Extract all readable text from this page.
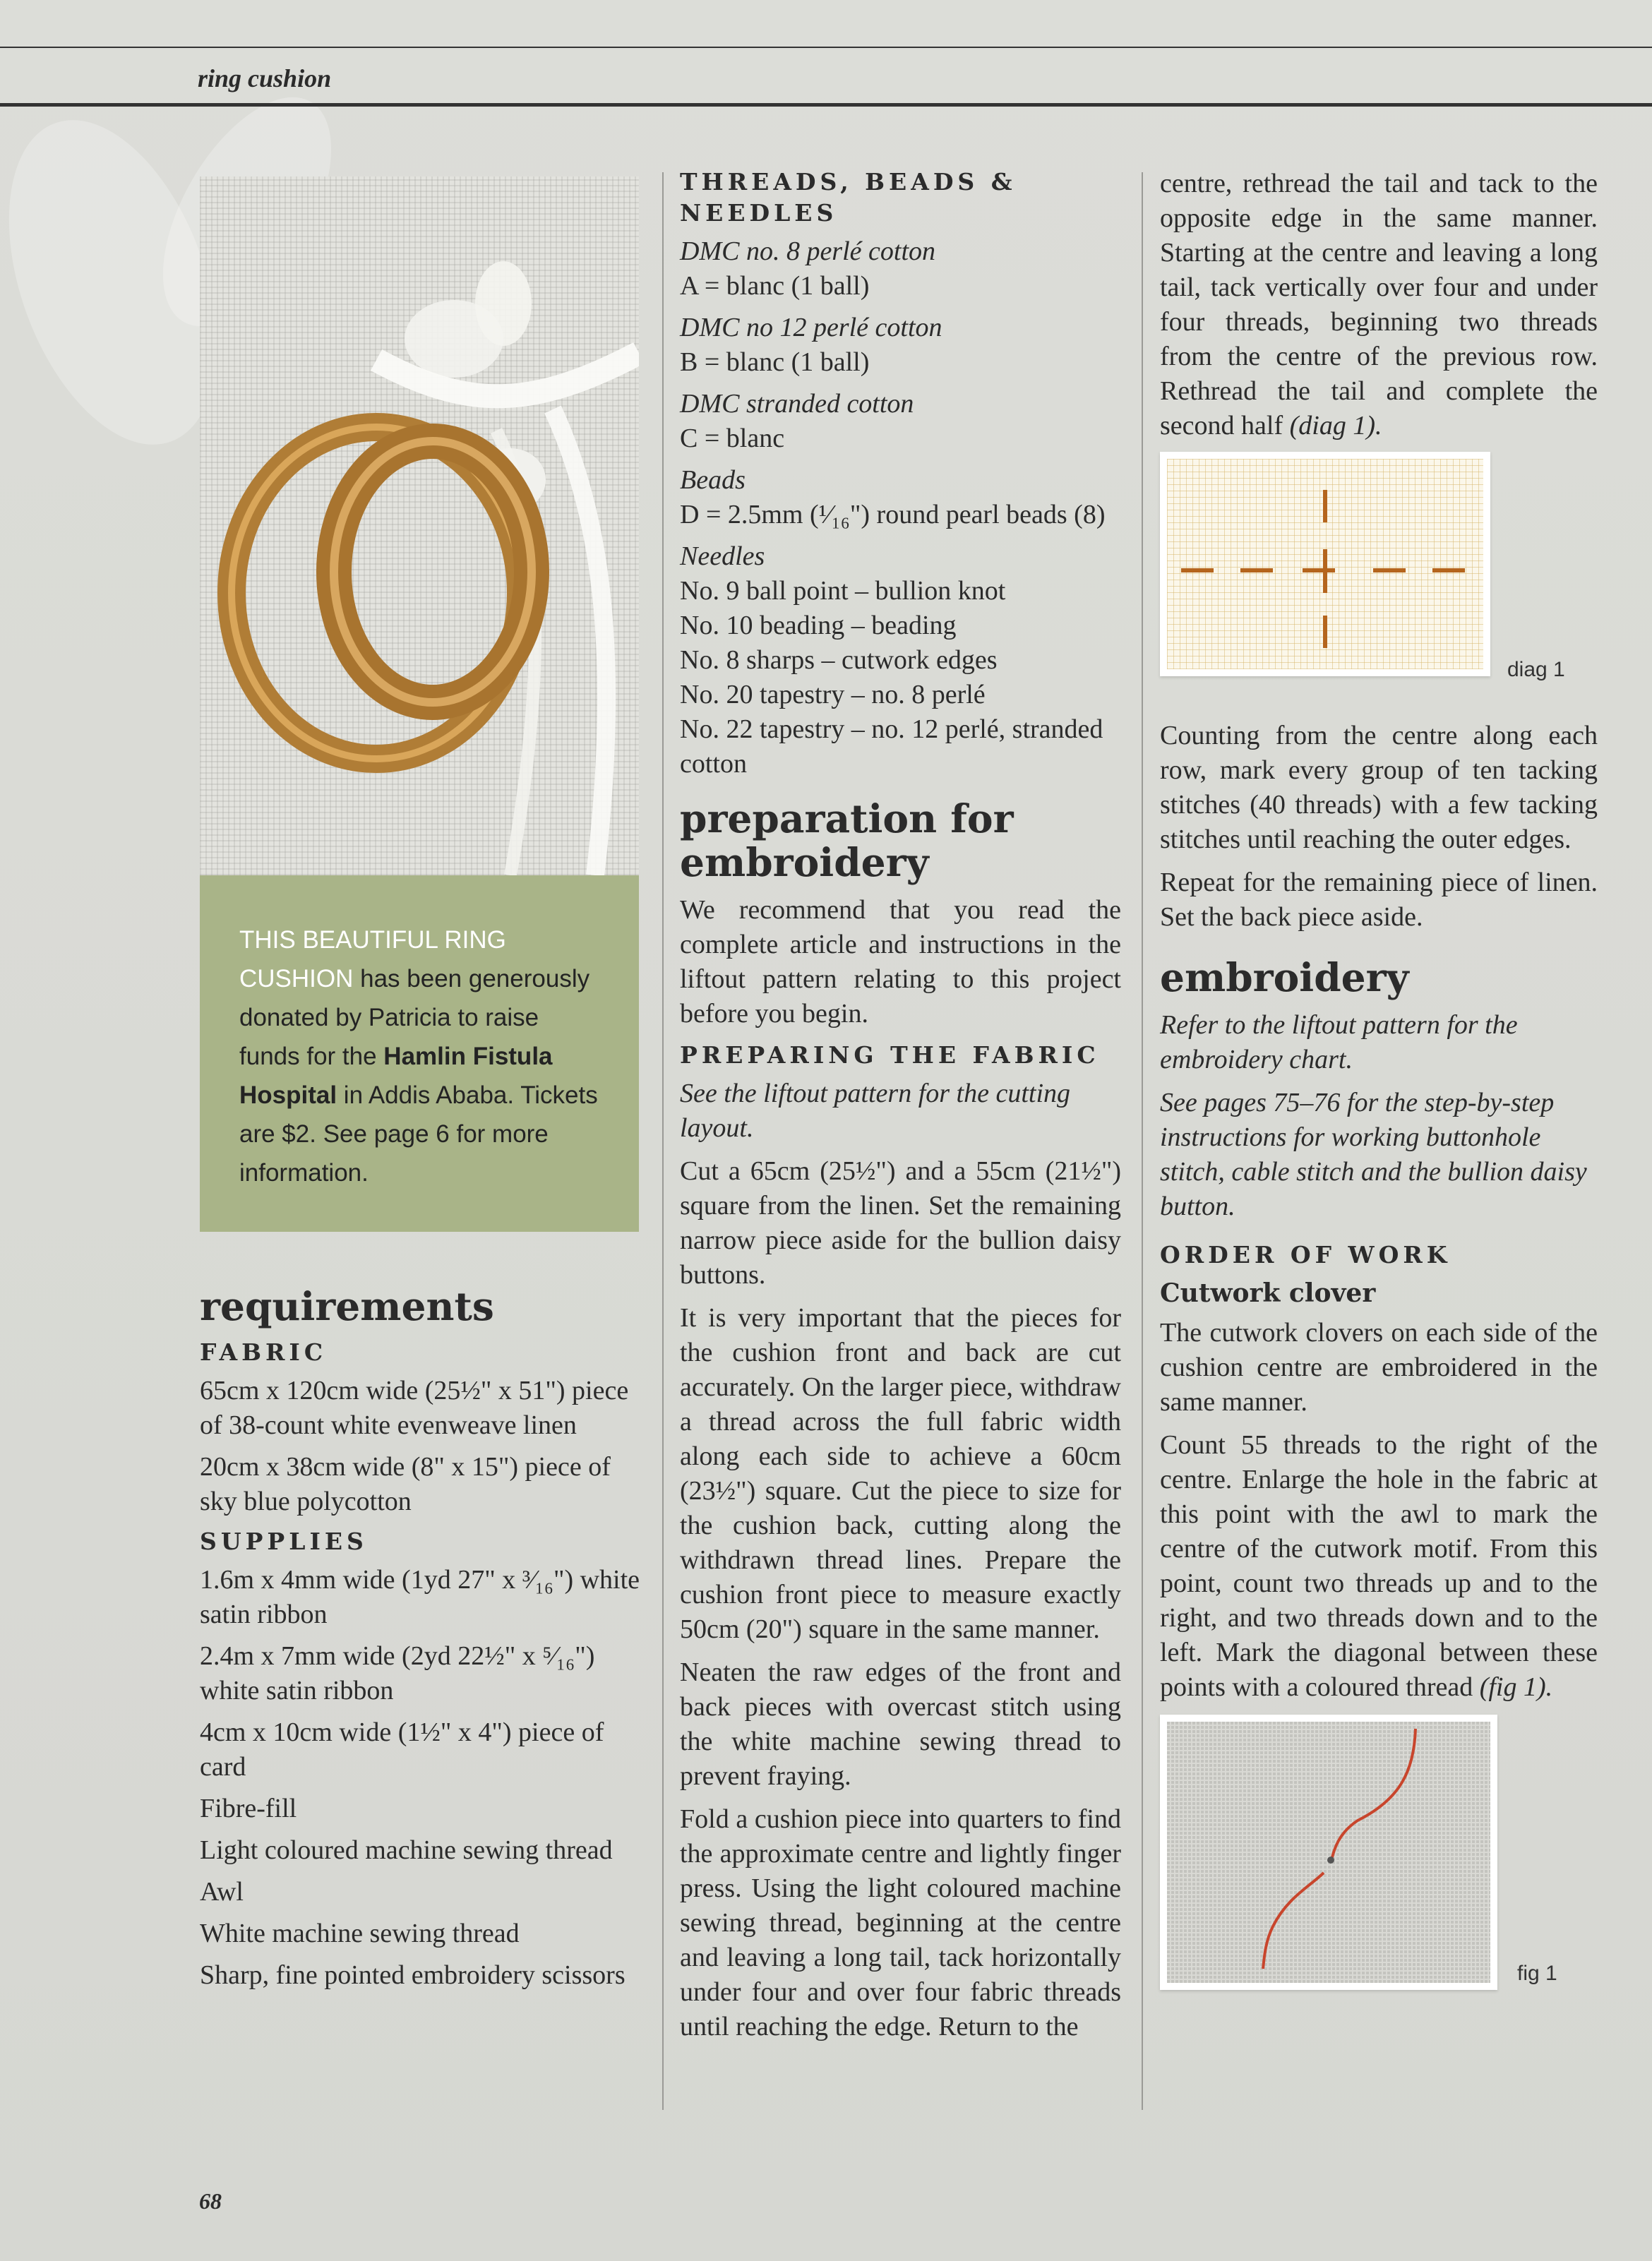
ring cushion
THIS BEAUTIFUL RING CUSHION has been generously donated by Patricia to raise funds for the Hamlin Fistula Hospital in Addis Ababa. Tickets are $2. See page 6 for more information.
requirements
FABRIC
65cm x 120cm wide (25½" x 51") piece of 38-count white evenweave linen
20cm x 38cm wide (8" x 15") piece of sky blue polycotton
SUPPLIES
1.6m x 4mm wide (1yd 27" x ³⁄₁₆") white satin ribbon
2.4m x 7mm wide (2yd 22½" x ⁵⁄₁₆") white satin ribbon
4cm x 10cm wide (1½" x 4") piece of card
Fibre-fill
Light coloured machine sewing thread
Awl
White machine sewing thread
Sharp, fine pointed embroidery scissors
THREADS, BEADS & NEEDLES
DMC no. 8 perlé cotton
A = blanc (1 ball)
DMC no 12 perlé cotton
B = blanc (1 ball)
DMC stranded cotton
C = blanc
Beads
D = 2.5mm (¹⁄₁₆") round pearl beads (8)
Needles
No. 9 ball point – bullion knot
No. 10 beading – beading
No. 8 sharps – cutwork edges
No. 20 tapestry – no. 8 perlé
No. 22 tapestry – no. 12 perlé, stranded cotton
preparation for embroidery
We recommend that you read the complete article and instructions in the liftout pattern relating to this project before you begin.
PREPARING THE FABRIC
See the liftout pattern for the cutting layout.
Cut a 65cm (25½") and a 55cm (21½") square from the linen. Set the remaining narrow piece aside for the bullion daisy buttons.
It is very important that the pieces for the cushion front and back are cut accurately. On the larger piece, withdraw a thread across the full fabric width along each side to achieve a 60cm (23½") square. Cut the piece to size for the cushion back, cutting along the withdrawn thread lines. Prepare the cushion front piece to measure exactly 50cm (20") square in the same manner.
Neaten the raw edges of the front and back pieces with overcast stitch using the white machine sewing thread to prevent fraying.
Fold a cushion piece into quarters to find the approximate centre and lightly finger press. Using the light coloured machine sewing thread, beginning at the centre and leaving a long tail, tack horizontally under four and over four fabric threads until reaching the edge. Return to the
centre, rethread the tail and tack to the opposite edge in the same manner. Starting at the centre and leaving a long tail, tack vertically over four and under four threads, beginning two threads from the centre of the previous row. Rethread the tail and complete the second half (diag 1).
diag 1
Counting from the centre along each row, mark every group of ten tacking stitches (40 threads) with a few tacking stitches until reaching the outer edges.
Repeat for the remaining piece of linen. Set the back piece aside.
embroidery
Refer to the liftout pattern for the embroidery chart.
See pages 75–76 for the step-by-step instructions for working buttonhole stitch, cable stitch and the bullion daisy button.
ORDER OF WORK
Cutwork clover
The cutwork clovers on each side of the cushion centre are embroidered in the same manner.
Count 55 threads to the right of the centre. Enlarge the hole in the fabric at this point with the awl to mark the centre of the cutwork motif. From this point, count two threads up and to the right, and two threads down and to the left. Mark the diagonal between these points with a coloured thread (fig 1).
fig 1
68
